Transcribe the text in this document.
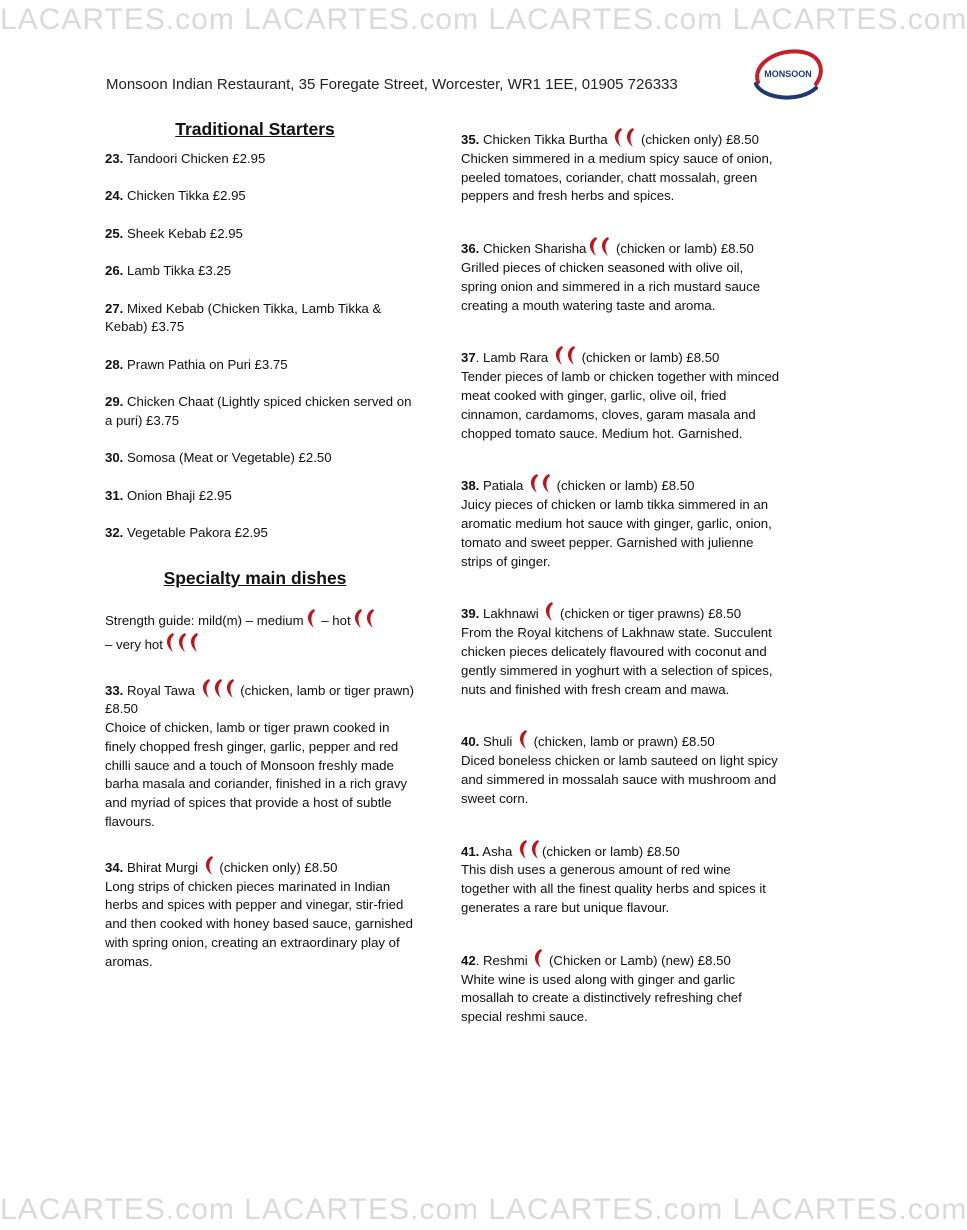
LACARTES.com LACARTES.com LACARTES.com LACARTES.com
LACARTES.com LACARTES.com LACARTES.com LACARTES.com
Monsoon Indian Restaurant, 35 Foregate Street, Worcester, WR1 1EE, 01905 726333
MONSOON
Traditional Starters

23. Tandoori Chicken £2.95

24. Chicken Tikka £2.95

25. Sheek Kebab £2.95

26. Lamb Tikka £3.25

27. Mixed Kebab (Chicken Tikka, Lamb Tikka & Kebab) £3.75

28. Prawn Pathia on Puri £3.75

29. Chicken Chaat (Lightly spiced chicken served on a puri) £3.75

30. Somosa (Meat or Vegetable) £2.50

31. Onion Bhaji £2.95

32. Vegetable Pakora £2.95

Specialty main dishes
Strength guide: mild(m) – medium
– hot

– very hot
33. Royal Tawa	(chicken, lamb or tiger prawn) £8.50
Choice of chicken, lamb or tiger prawn cooked in finely chopped fresh ginger, garlic, pepper and red chilli sauce and a touch of Monsoon freshly made barha masala and coriander, finished in a rich gravy and myriad of spices that provide a host of subtle flavours.
34. Bhirat Murgi
(chicken only) £8.50
Long strips of chicken pieces marinated in Indian herbs and spices with pepper and vinegar, stir-fried and then cooked with honey based sauce, garnished with spring onion, creating an extraordinary play of aromas.
35. Chicken Tikka Burtha
(chicken only) £8.50
Chicken simmered in a medium spicy sauce of onion, peeled tomatoes, coriander, chatt mossalah, green peppers and fresh herbs and spices.
36. Chicken Sharisha
(chicken or lamb) £8.50
Grilled pieces of chicken seasoned with olive oil, spring onion and simmered in a rich mustard sauce creating a mouth watering taste and aroma.
37. Lamb Rara
(chicken or lamb) £8.50
Tender pieces of lamb or chicken together with minced meat cooked with ginger, garlic, olive oil, fried cinnamon, cardamoms, cloves, garam masala and chopped tomato sauce. Medium hot. Garnished.
38. Patiala
(chicken or lamb) £8.50
Juicy pieces of chicken or lamb tikka simmered in an aromatic medium hot sauce with ginger, garlic, onion, tomato and sweet pepper. Garnished with julienne strips of ginger.
39. Lakhnawi
(chicken or tiger prawns) £8.50
From the Royal kitchens of Lakhnaw state. Succulent chicken pieces delicately flavoured with coconut and gently simmered in yoghurt with a selection of spices, nuts and finished with fresh cream and mawa.
40. Shuli
(chicken, lamb or prawn) £8.50
Diced boneless chicken or lamb sauteed on light spicy and simmered in mossalah sauce with mushroom and sweet corn.
41. Asha
(chicken or lamb) £8.50
This dish uses a generous amount of red wine together with all the finest quality herbs and spices it generates a rare but unique flavour.
42. Reshmi
(Chicken or Lamb) (new) £8.50
White wine is used along with ginger and garlic mosallah to create a distinctively refreshing chef special reshmi sauce.
